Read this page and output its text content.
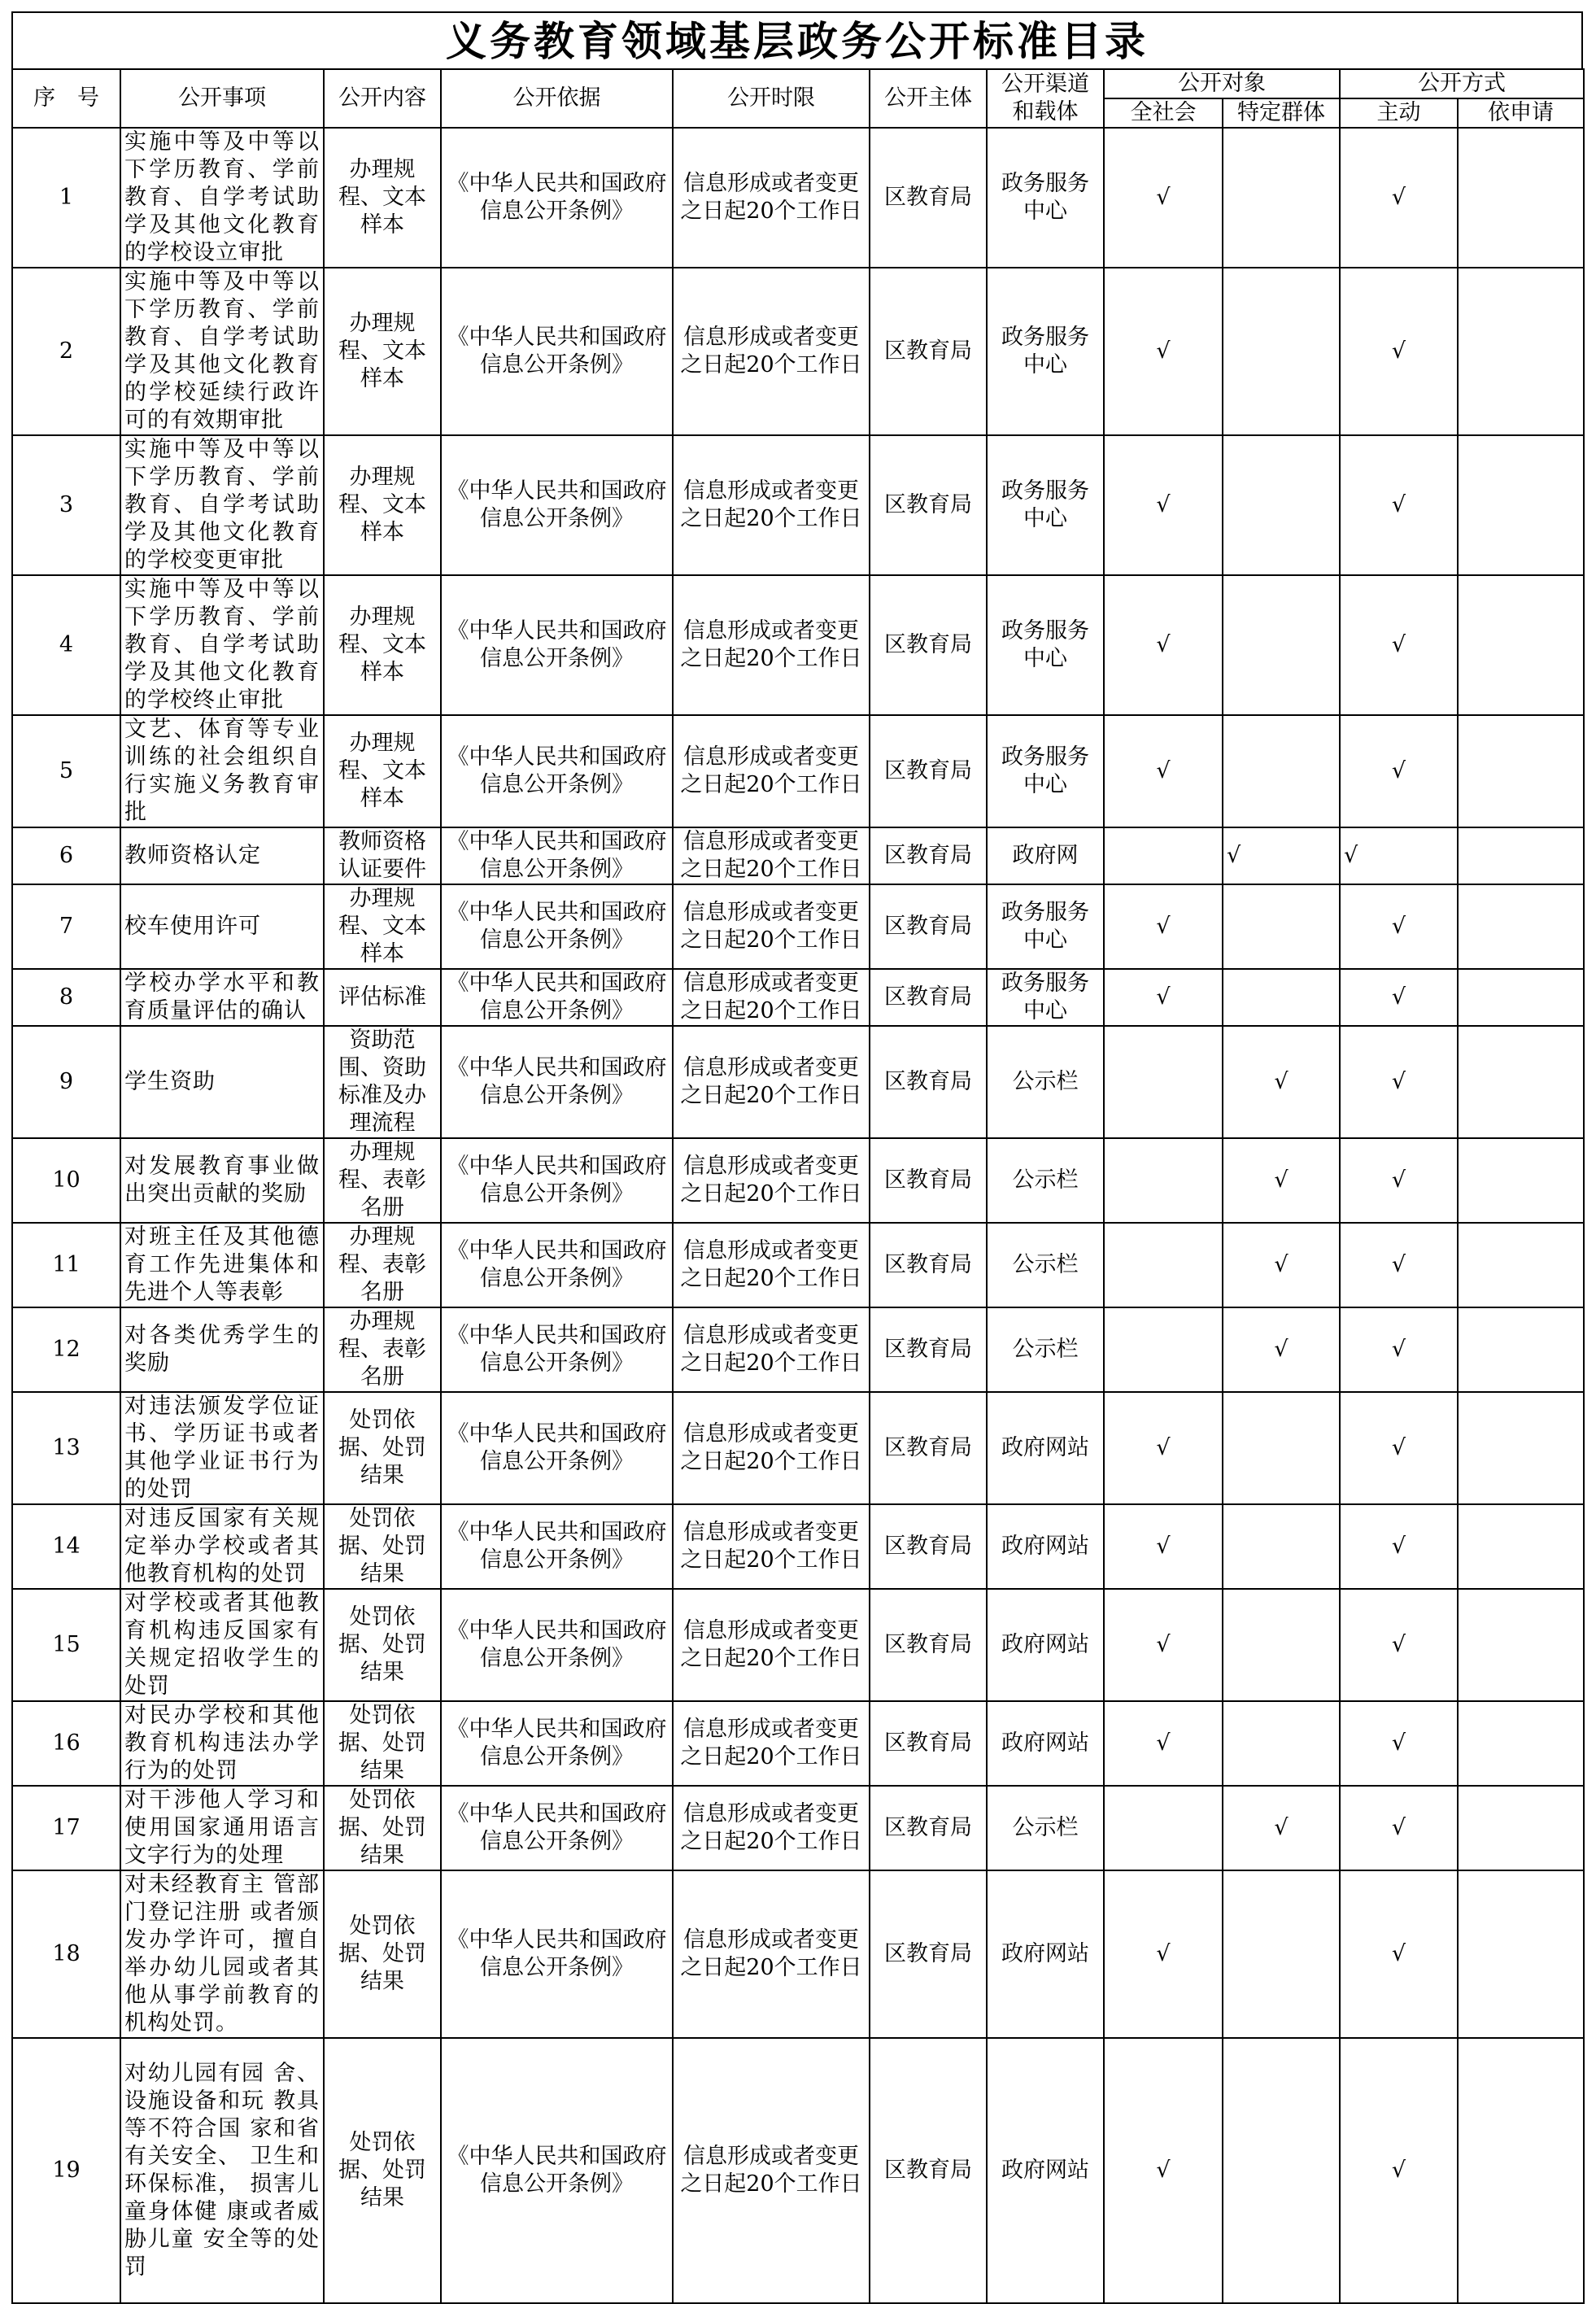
义务教育领域基层政务公开标准目录
序　号	公开事项	公开内容	公开依据	公开时限	公开主体	公开渠道和载体	公开对象		公开方式	
							全社会	特定群体	主动	依申请
1	实施中等及中等以下学历教育、学前教育、自学考试助学及其他文化教育的学校设立审批	办理规程、文本样本	《中华人民共和国政府信息公开条例》	信息形成或者变更之日起20个工作日	区教育局	政务服务中心	√		√	
2	实施中等及中等以下学历教育、学前教育、自学考试助学及其他文化教育的学校延续行政许可的有效期审批	办理规程、文本样本	《中华人民共和国政府信息公开条例》	信息形成或者变更之日起20个工作日	区教育局	政务服务中心	√		√	
3	实施中等及中等以下学历教育、学前教育、自学考试助学及其他文化教育的学校变更审批	办理规程、文本样本	《中华人民共和国政府信息公开条例》	信息形成或者变更之日起20个工作日	区教育局	政务服务中心	√		√	
4	实施中等及中等以下学历教育、学前教育、自学考试助学及其他文化教育的学校终止审批	办理规程、文本样本	《中华人民共和国政府信息公开条例》	信息形成或者变更之日起20个工作日	区教育局	政务服务中心	√		√	
5	文艺、体育等专业训练的社会组织自行实施义务教育审批	办理规程、文本样本	《中华人民共和国政府信息公开条例》	信息形成或者变更之日起20个工作日	区教育局	政务服务中心	√		√	
6	教师资格认定	教师资格认证要件	《中华人民共和国政府信息公开条例》	信息形成或者变更之日起20个工作日	区教育局	政府网		√	√	
7	校车使用许可	办理规程、文本样本	《中华人民共和国政府信息公开条例》	信息形成或者变更之日起20个工作日	区教育局	政务服务中心	√		√	
8	学校办学水平和教育质量评估的确认	评估标准	《中华人民共和国政府信息公开条例》	信息形成或者变更之日起20个工作日	区教育局	政务服务中心	√		√	
9	学生资助	资助范围、资助标准及办理流程	《中华人民共和国政府信息公开条例》	信息形成或者变更之日起20个工作日	区教育局	公示栏		√	√	
10	对发展教育事业做出突出贡献的奖励	办理规程、表彰名册	《中华人民共和国政府信息公开条例》	信息形成或者变更之日起20个工作日	区教育局	公示栏		√	√	
11	对班主任及其他德育工作先进集体和先进个人等表彰	办理规程、表彰名册	《中华人民共和国政府信息公开条例》	信息形成或者变更之日起20个工作日	区教育局	公示栏		√	√	
12	对各类优秀学生的奖励	办理规程、表彰名册	《中华人民共和国政府信息公开条例》	信息形成或者变更之日起20个工作日	区教育局	公示栏		√	√	
13	对违法颁发学位证书、学历证书或者其他学业证书行为的处罚	处罚依据、处罚结果	《中华人民共和国政府信息公开条例》	信息形成或者变更之日起20个工作日	区教育局	政府网站	√		√	
14	对违反国家有关规定举办学校或者其他教育机构的处罚	处罚依据、处罚结果	《中华人民共和国政府信息公开条例》	信息形成或者变更之日起20个工作日	区教育局	政府网站	√		√	
15	对学校或者其他教育机构违反国家有关规定招收学生的处罚	处罚依据、处罚结果	《中华人民共和国政府信息公开条例》	信息形成或者变更之日起20个工作日	区教育局	政府网站	√		√	
16	对民办学校和其他教育机构违法办学行为的处罚	处罚依据、处罚结果	《中华人民共和国政府信息公开条例》	信息形成或者变更之日起20个工作日	区教育局	政府网站	√		√	
17	对干涉他人学习和使用国家通用语言文字行为的处理	处罚依据、处罚结果	《中华人民共和国政府信息公开条例》	信息形成或者变更之日起20个工作日	区教育局	公示栏		√	√	
18	对未经教育主 管部门登记注册 或者颁发办学许可，擅自举办幼儿园或者其他从事学前教育的机构处罚。	处罚依据、处罚结果	《中华人民共和国政府信息公开条例》	信息形成或者变更之日起20个工作日	区教育局	政府网站	√		√	
19	对幼儿园有园 舍、设施设备和玩 教具等不符合国 家和省有关安全、 卫生和环保标准， 损害儿童身体健 康或者威胁儿童 安全等的处罚	处罚依据、处罚结果	《中华人民共和国政府信息公开条例》	信息形成或者变更之日起20个工作日	区教育局	政府网站	√		√	
